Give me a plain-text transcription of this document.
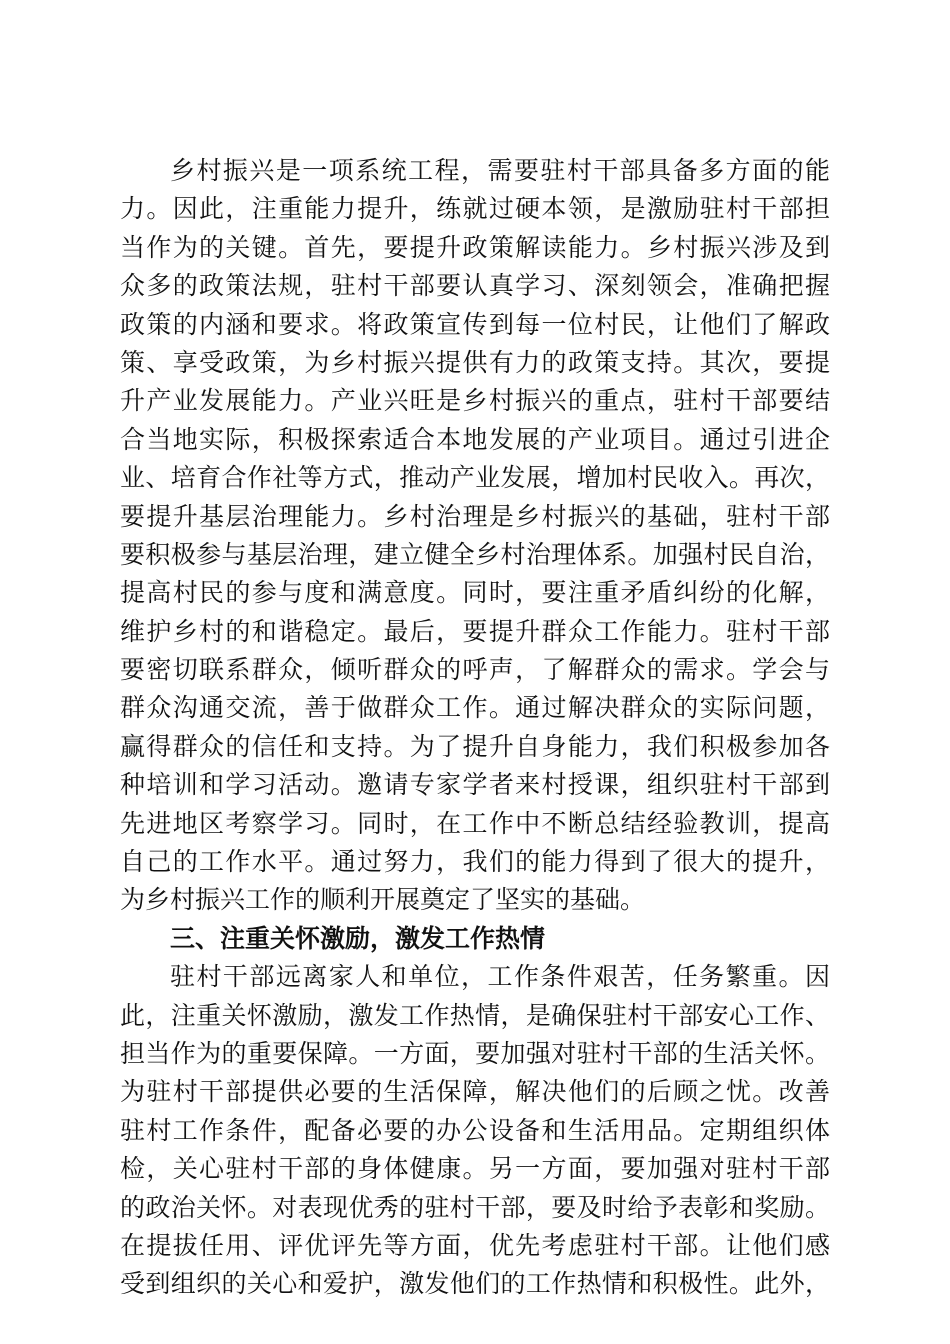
乡村振兴是一项系统工程，需要驻村干部具备多方面的能
力。因此，注重能力提升，练就过硬本领，是激励驻村干部担
当作为的关键。首先，要提升政策解读能力。乡村振兴涉及到
众多的政策法规，驻村干部要认真学习、深刻领会，准确把握
政策的内涵和要求。将政策宣传到每一位村民，让他们了解政
策、享受政策，为乡村振兴提供有力的政策支持。其次，要提
升产业发展能力。产业兴旺是乡村振兴的重点，驻村干部要结
合当地实际，积极探索适合本地发展的产业项目。通过引进企
业、培育合作社等方式，推动产业发展，增加村民收入。再次，
要提升基层治理能力。乡村治理是乡村振兴的基础，驻村干部
要积极参与基层治理，建立健全乡村治理体系。加强村民自治，
提高村民的参与度和满意度。同时，要注重矛盾纠纷的化解，
维护乡村的和谐稳定。最后，要提升群众工作能力。驻村干部
要密切联系群众，倾听群众的呼声，了解群众的需求。学会与
群众沟通交流，善于做群众工作。通过解决群众的实际问题，
赢得群众的信任和支持。为了提升自身能力，我们积极参加各
种培训和学习活动。邀请专家学者来村授课，组织驻村干部到
先进地区考察学习。同时，在工作中不断总结经验教训，提高
自己的工作水平。通过努力，我们的能力得到了很大的提升，
为乡村振兴工作的顺利开展奠定了坚实的基础。
三、注重关怀激励，激发工作热情
驻村干部远离家人和单位，工作条件艰苦，任务繁重。因
此，注重关怀激励，激发工作热情，是确保驻村干部安心工作、
担当作为的重要保障。一方面，要加强对驻村干部的生活关怀。
为驻村干部提供必要的生活保障，解决他们的后顾之忧。改善
驻村工作条件，配备必要的办公设备和生活用品。定期组织体
检，关心驻村干部的身体健康。另一方面，要加强对驻村干部
的政治关怀。对表现优秀的驻村干部，要及时给予表彰和奖励。
在提拔任用、评优评先等方面，优先考虑驻村干部。让他们感
受到组织的关心和爱护，激发他们的工作热情和积极性。此外，
